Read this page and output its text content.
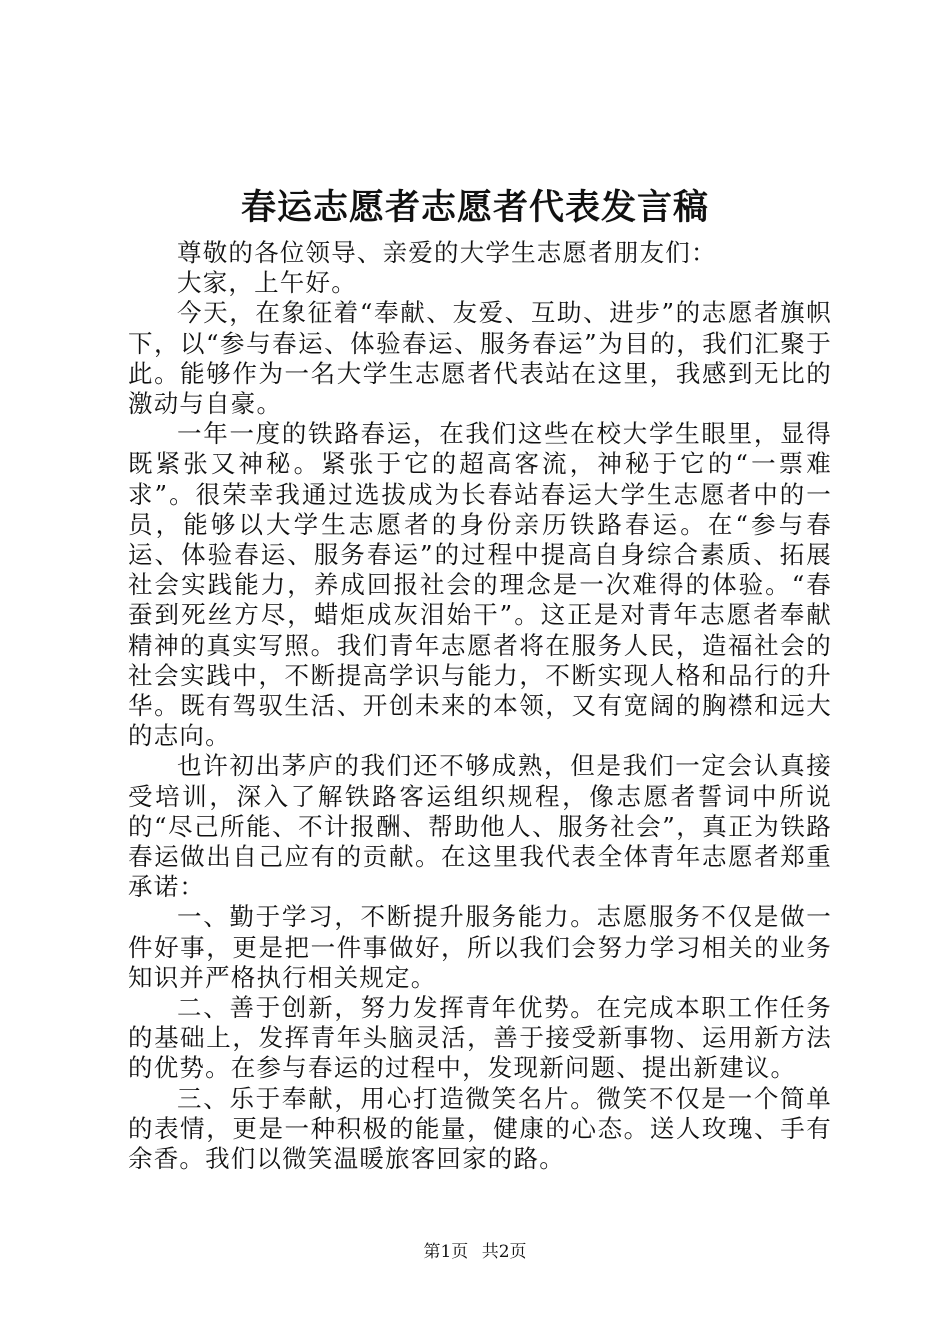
春运志愿者志愿者代表发言稿

尊敬的各位领导、亲爱的大学生志愿者朋友们：

大家，上午好。

今天，在象征着“奉献、友爱、互助、进步”的志愿者旗帜下，以“参与春运、体验春运、服务春运”为目的，我们汇聚于此。能够作为一名大学生志愿者代表站在这里，我感到无比的激动与自豪。

一年一度的铁路春运，在我们这些在校大学生眼里，显得既紧张又神秘。紧张于它的超高客流，神秘于它的“一票难求”。很荣幸我通过选拔成为长春站春运大学生志愿者中的一员，能够以大学生志愿者的身份亲历铁路春运。在“参与春运、体验春运、服务春运”的过程中提高自身综合素质、拓展社会实践能力，养成回报社会的理念是一次难得的体验。“春蚕到死丝方尽，蜡炬成灰泪始干”。这正是对青年志愿者奉献精神的真实写照。我们青年志愿者将在服务人民，造福社会的社会实践中，不断提高学识与能力，不断实现人格和品行的升华。既有驾驭生活、开创未来的本领，又有宽阔的胸襟和远大的志向。

也许初出茅庐的我们还不够成熟，但是我们一定会认真接受培训，深入了解铁路客运组织规程，像志愿者誓词中所说的“尽己所能、不计报酬、帮助他人、服务社会”，真正为铁路春运做出自己应有的贡献。在这里我代表全体青年志愿者郑重承诺：

一、勤于学习，不断提升服务能力。志愿服务不仅是做一件好事，更是把一件事做好，所以我们会努力学习相关的业务知识并严格执行相关规定。

二、善于创新，努力发挥青年优势。在完成本职工作任务的基础上，发挥青年头脑灵活，善于接受新事物、运用新方法的优势。在参与春运的过程中，发现新问题、提出新建议。

三、乐于奉献，用心打造微笑名片。微笑不仅是一个简单的表情，更是一种积极的能量，健康的心态。送人玫瑰、手有余香。我们以微笑温暖旅客回家的路。

第1页 共2页
